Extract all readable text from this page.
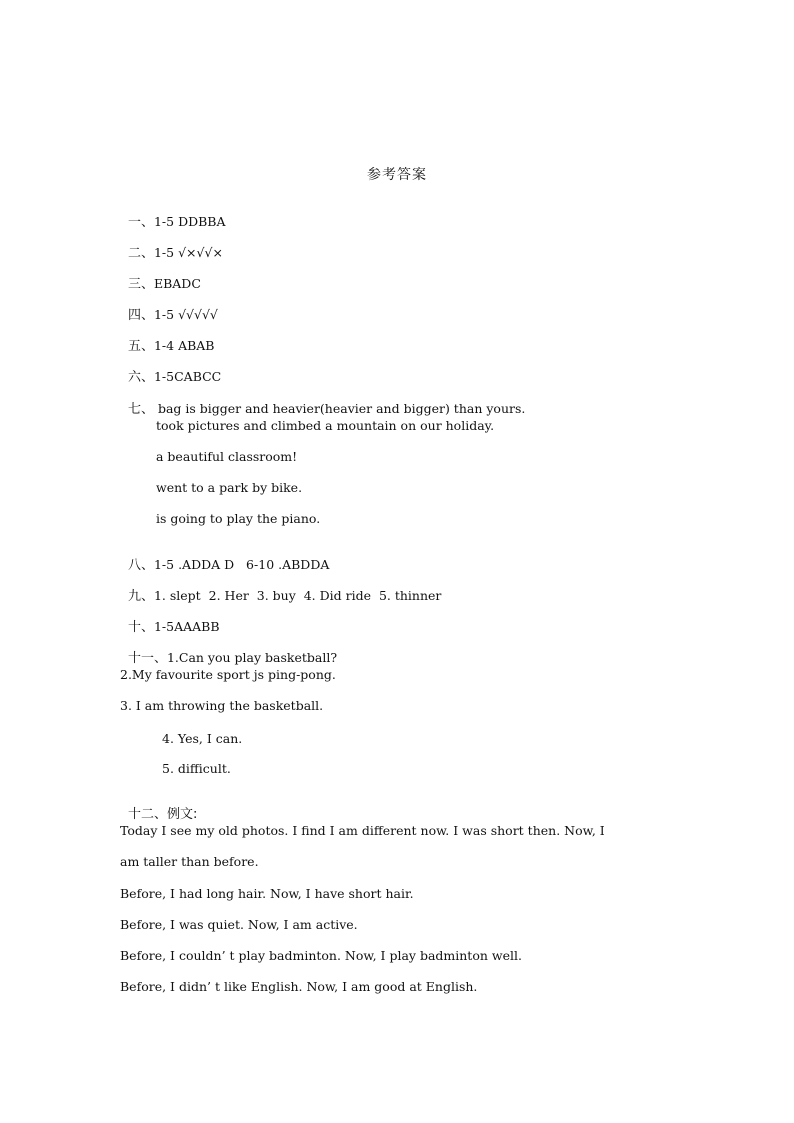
参考答案

一、1-5 DDBBA

二、1-5 √×√√×

三、EBADC

四、1-5 √√√√√

五、1-4 ABAB

六、1-5CABCC

七、 bag is bigger and heavier(heavier and bigger) than yours.

took pictures and climbed a mountain on our holiday.
a beautiful classroom!
went to a park by bike.
is going to play the piano.

八、1-5 .ADDA D   6-10 .ABDDA

九、1. slept  2. Her  3. buy  4. Did ride  5. thinner

十、1-5AAABB

十一、1.Can you play basketball?

2.My favourite sport js ping-pong.
3. I am throwing the basketball.
4. Yes, I can.
5. difficult.

十二、例文:

Today I see my old photos. I find I am different now. I was short then. Now, I
am taller than before.
Before, I had long hair. Now, I have short hair.
Before, I was quiet. Now, I am active.
Before, I couldn’ t play badminton. Now, I play badminton well.
Before, I didn’ t like English. Now, I am good at English.
